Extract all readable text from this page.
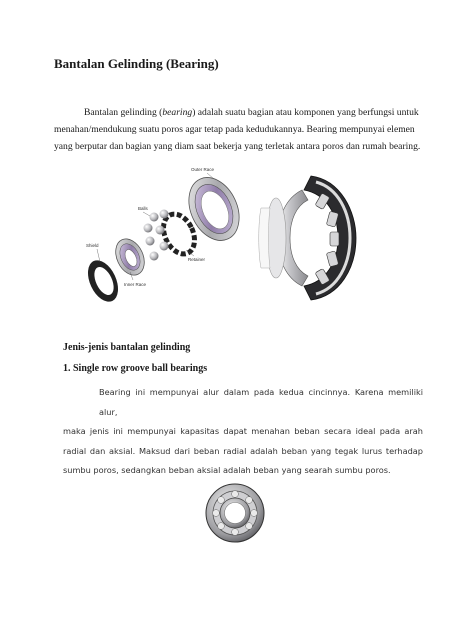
Bantalan Gelinding (Bearing)
Bantalan gelinding (bearing) adalah suatu bagian atau komponen yang berfungsi untuk
menahan/mendukung suatu poros agar tetap pada kedudukannya. Bearing mempunyai elemen
yang berputar dan bagian yang diam saat bekerja yang terletak antara poros dan rumah bearing.
Outer Race
Balls
Retainer
Shield
Inner Race
Jenis-jenis bantalan gelinding
1. Single row groove ball bearings
Bearing ini mempunyai alur dalam pada kedua cincinnya. Karena memiliki alur,
maka jenis ini mempunyai kapasitas dapat menahan beban secara ideal pada arah radial dan aksial. Maksud dari beban radial adalah beban yang tegak lurus terhadap sumbu poros, sedangkan beban aksial adalah beban yang searah sumbu poros.
